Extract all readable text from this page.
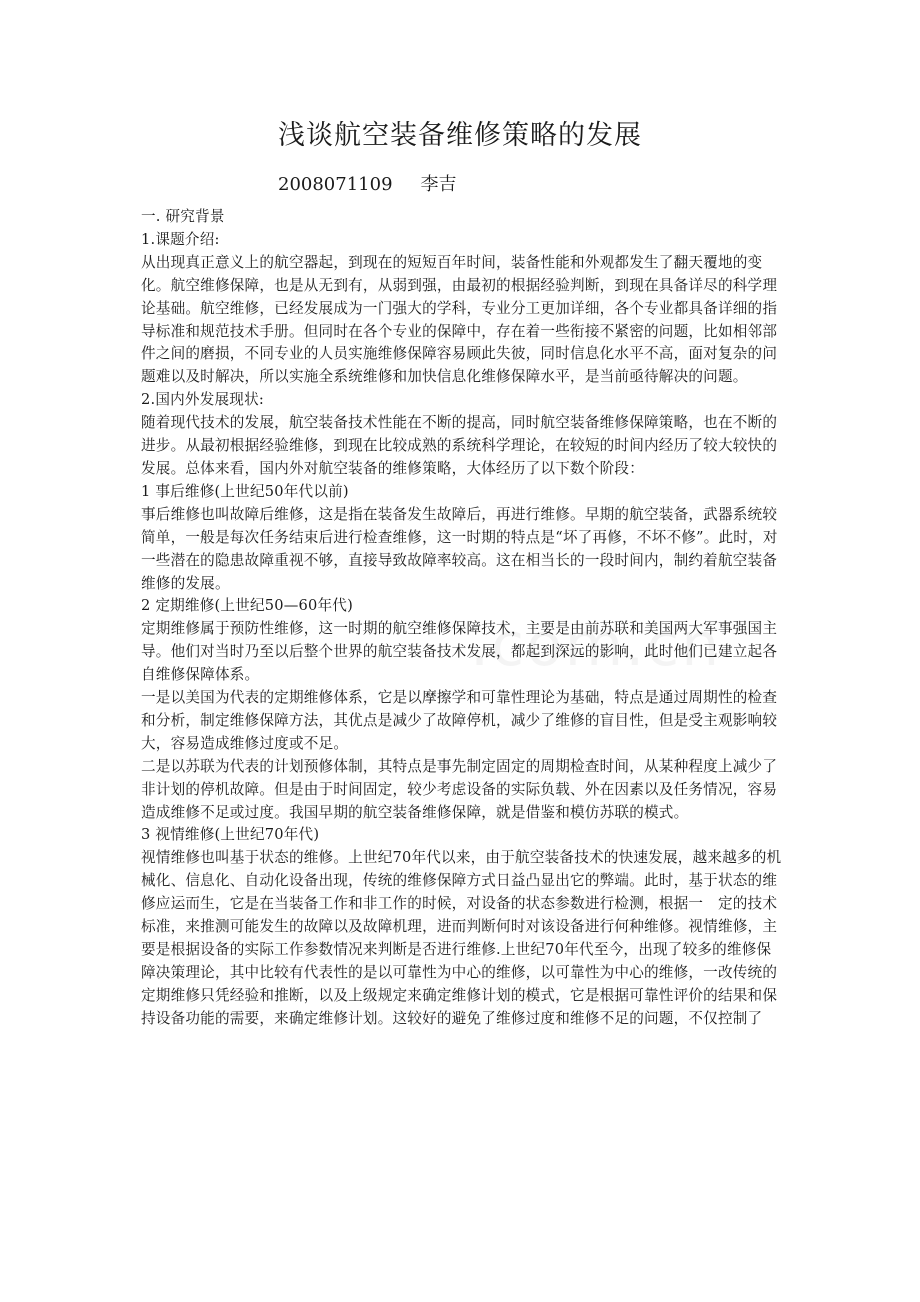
浅谈航空装备维修策略的发展
2008071109 李吉

一. 研究背景

1.课题介绍:

从出现真正意义上的航空器起，到现在的短短百年时间，装备性能和外观都发生了翻天覆地的变化。航空维修保障，也是从无到有，从弱到强，由最初的根据经验判断，到现在具备详尽的科学理论基础。航空维修，已经发展成为一门强大的学科，专业分工更加详细，各个专业都具备详细的指导标准和规范技术手册。但同时在各个专业的保障中，存在着一些衔接不紧密的问题，比如相邻部件之间的磨损，不同专业的人员实施维修保障容易顾此失彼，同时信息化水平不高，面对复杂的问题难以及时解决，所以实施全系统维修和加快信息化维修保障水平，是当前亟待解决的问题。

2.国内外发展现状:

随着现代技术的发展，航空装备技术性能在不断的提高，同时航空装备维修保障策略，也在不断的进步。从最初根据经验维修，到现在比较成熟的系统科学理论，在较短的时间内经历了较大较快的发展。总体来看，国内外对航空装备的维修策略，大体经历了以下数个阶段：

1 事后维修(上世纪50年代以前)

事后维修也叫故障后维修，这是指在装备发生故障后，再进行维修。早期的航空装备，武器系统较简单，一般是每次任务结束后进行检查维修，这一时期的特点是“坏了再修，不坏不修”。此时，对一些潜在的隐患故障重视不够，直接导致故障率较高。这在相当长的一段时间内，制约着航空装备维修的发展。

2 定期维修(上世纪50—60年代)

定期维修属于预防性维修，这一时期的航空维修保障技术，主要是由前苏联和美国两大军事强国主导。他们对当时乃至以后整个世界的航空装备技术发展，都起到深远的影响，此时他们已建立起各自维修保障体系。

一是以美国为代表的定期维修体系，它是以摩擦学和可靠性理论为基础，特点是通过周期性的检查和分析，制定维修保障方法，其优点是减少了故障停机，减少了维修的盲目性，但是受主观影响较大，容易造成维修过度或不足。

二是以苏联为代表的计划预修体制，其特点是事先制定固定的周期检查时间，从某种程度上减少了非计划的停机故障。但是由于时间固定，较少考虑设备的实际负载、外在因素以及任务情况，容易造成维修不足或过度。我国早期的航空装备维修保障，就是借鉴和模仿苏联的模式。

3 视情维修(上世纪70年代)

视情维修也叫基于状态的维修。上世纪70年代以来，由于航空装备技术的快速发展，越来越多的机械化、信息化、自动化设备出现，传统的维修保障方式日益凸显出它的弊端。此时，基于状态的维修应运而生，它是在当装备工作和非工作的时候，对设备的状态参数进行检测，根据一　定的技术标准，来推测可能发生的故障以及故障机理，进而判断何时对该设备进行何种维修。视情维修，主要是根据设备的实际工作参数情况来判断是否进行维修.上世纪70年代至今，出现了较多的维修保障决策理论，其中比较有代表性的是以可靠性为中心的维修，以可靠性为中心的维修，一改传统的定期维修只凭经验和推断，以及上级规定来确定维修计划的模式，它是根据可靠性评价的结果和保持设备功能的需要，来确定维修计划。这较好的避免了维修过度和维修不足的问题，不仅控制了
